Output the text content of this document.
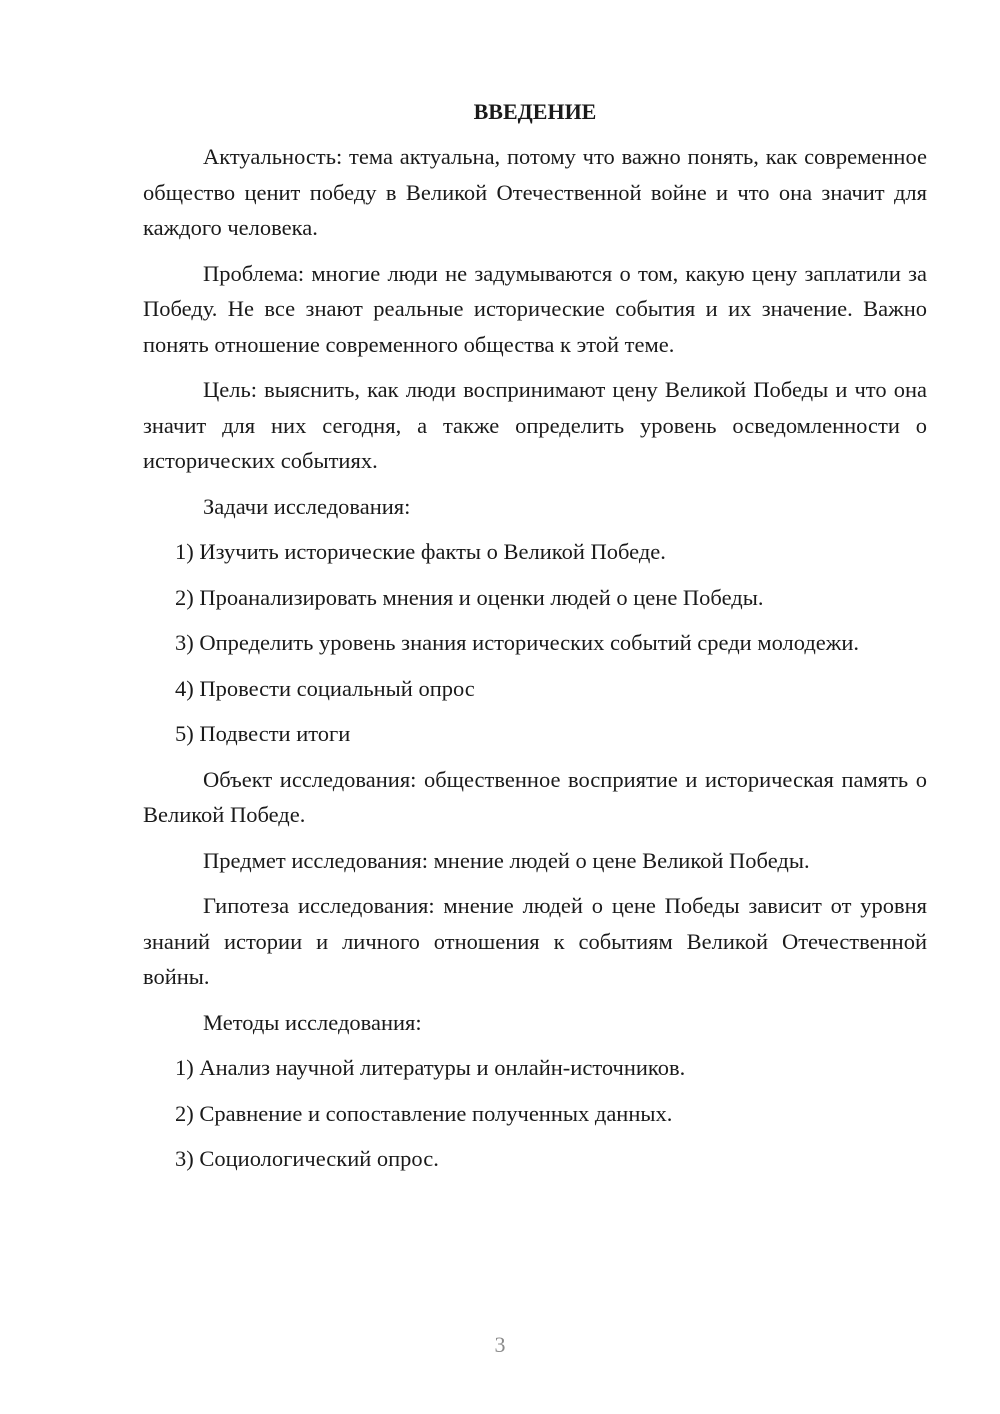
ВВЕДЕНИЕ
Актуальность: тема актуальна, потому что важно понять, как современное общество ценит победу в Великой Отечественной войне и что она значит для каждого человека.
Проблема: многие люди не задумываются о том, какую цену заплатили за Победу. Не все знают реальные исторические события и их значение. Важно понять отношение современного общества к этой теме.
Цель: выяснить, как люди воспринимают цену Великой Победы и что она значит для них сегодня, а также определить уровень осведомленности о исторических событиях.
Задачи исследования:
1) Изучить исторические факты о Великой Победе.
2) Проанализировать мнения и оценки людей о цене Победы.
3) Определить уровень знания исторических событий среди молодежи.
4) Провести социальный опрос
5) Подвести итоги
Объект исследования: общественное восприятие и историческая память о Великой Победе.
Предмет исследования: мнение людей о цене Великой Победы.
Гипотеза исследования: мнение людей о цене Победы зависит от уровня знаний истории и личного отношения к событиям Великой Отечественной войны.
Методы исследования:
1) Анализ научной литературы и онлайн-источников.
2) Сравнение и сопоставление полученных данных.
3) Социологический опрос.
3
